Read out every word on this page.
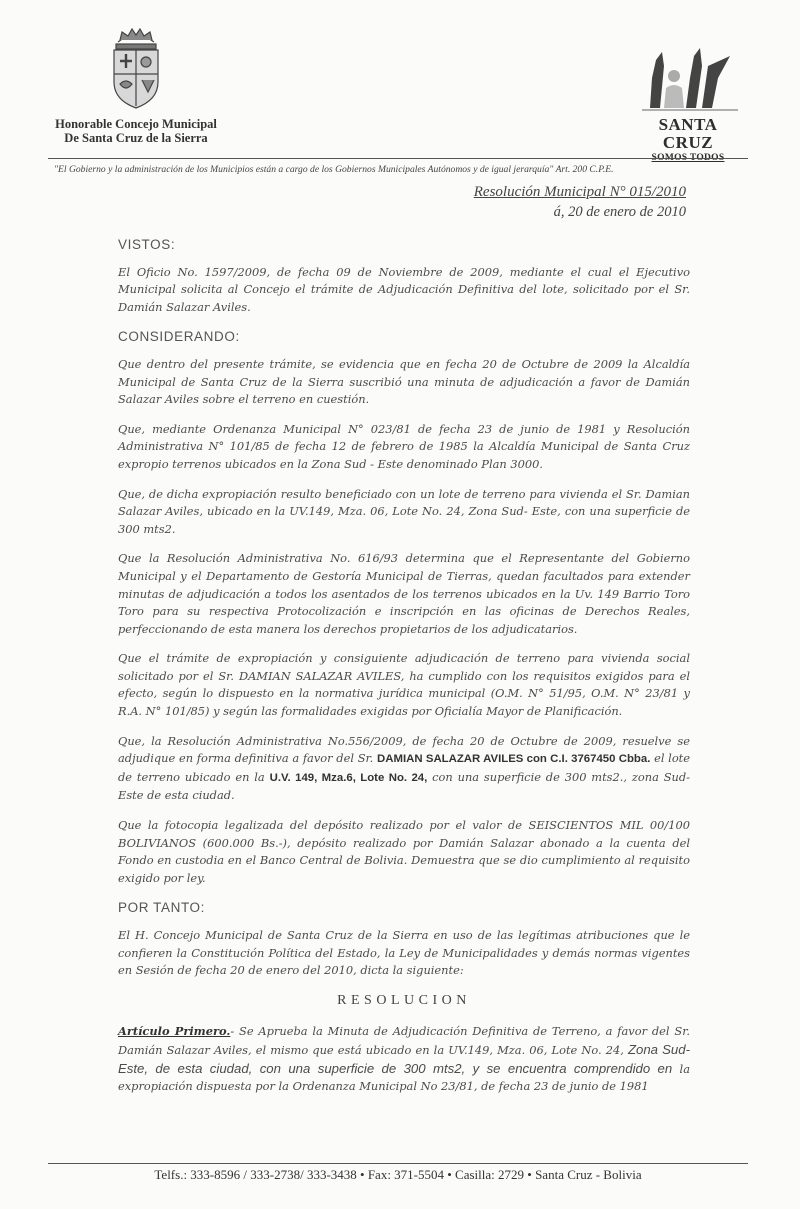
Honorable Concejo Municipal
De Santa Cruz de la Sierra
SANTA CRUZ
SOMOS TODOS
"El Gobierno y la administración de los Municipios están a cargo de los Gobiernos Municipales Autónomos y de igual jerarquía" Art. 200 C.P.E.
Resolución Municipal N° 015/2010
á, 20 de enero de 2010
VISTOS:

El Oficio No. 1597/2009, de fecha 09 de Noviembre de 2009, mediante el cual el Ejecutivo Municipal solicita al Concejo el trámite de Adjudicación Definitiva del lote, solicitado por el Sr. Damián Salazar Aviles.

CONSIDERANDO:

Que dentro del presente trámite, se evidencia que en fecha 20 de Octubre de 2009 la Alcaldía Municipal de Santa Cruz de la Sierra suscribió una minuta de adjudicación a favor de Damián Salazar Aviles sobre el terreno en cuestión.

Que, mediante Ordenanza Municipal N° 023/81 de fecha 23 de junio de 1981 y Resolución Administrativa N° 101/85 de fecha 12 de febrero de 1985 la Alcaldía Municipal de Santa Cruz expropio terrenos ubicados en la Zona Sud - Este denominado Plan 3000.

Que, de dicha expropiación resulto beneficiado con un lote de terreno para vivienda el Sr. Damian Salazar Aviles, ubicado en la UV.149, Mza. 06, Lote No. 24, Zona Sud- Este, con una superficie de 300 mts2.

Que la Resolución Administrativa No. 616/93 determina que el Representante del Gobierno Municipal y el Departamento de Gestoría Municipal de Tierras, quedan facultados para extender minutas de adjudicación a todos los asentados de los terrenos ubicados en la Uv. 149 Barrio Toro Toro para su respectiva Protocolización e inscripción en las oficinas de Derechos Reales, perfeccionando de esta manera los derechos propietarios de los adjudicatarios.

Que el trámite de expropiación y consiguiente adjudicación de terreno para vivienda social solicitado por el Sr. DAMIAN SALAZAR AVILES, ha cumplido con los requisitos exigidos para el efecto, según lo dispuesto en la normativa jurídica municipal (O.M. N° 51/95, O.M. N° 23/81 y R.A. N° 101/85) y según las formalidades exigidas por Oficialía Mayor de Planificación.

Que, la Resolución Administrativa No.556/2009, de fecha 20 de Octubre de 2009, resuelve se adjudique en forma definitiva a favor del Sr. DAMIAN SALAZAR AVILES con C.I. 3767450 Cbba. el lote de terreno ubicado en la U.V. 149, Mza.6, Lote No. 24, con una superficie de 300 mts2., zona Sud-Este de esta ciudad.

Que la fotocopia legalizada del depósito realizado por el valor de SEISCIENTOS MIL 00/100 BOLIVIANOS (600.000 Bs.-), depósito realizado por Damián Salazar abonado a la cuenta del Fondo en custodia en el Banco Central de Bolivia. Demuestra que se dio cumplimiento al requisito exigido por ley.

POR TANTO:

El H. Concejo Municipal de Santa Cruz de la Sierra en uso de las legítimas atribuciones que le confieren la Constitución Política del Estado, la Ley de Municipalidades y demás normas vigentes en Sesión de fecha 20 de enero del 2010, dicta la siguiente:

RESOLUCION

Artículo Primero.- Se Aprueba la Minuta de Adjudicación Definitiva de Terreno, a favor del Sr. Damián Salazar Aviles, el mismo que está ubicado en la UV.149, Mza. 06, Lote No. 24, Zona Sud- Este, de esta ciudad, con una superficie de 300 mts2, y se encuentra comprendido en la expropiación dispuesta por la Ordenanza Municipal No 23/81, de fecha 23 de junio de 1981

Telfs.: 333-8596 / 333-2738/ 333-3438 • Fax: 371-5504 • Casilla: 2729 • Santa Cruz - Bolivia
